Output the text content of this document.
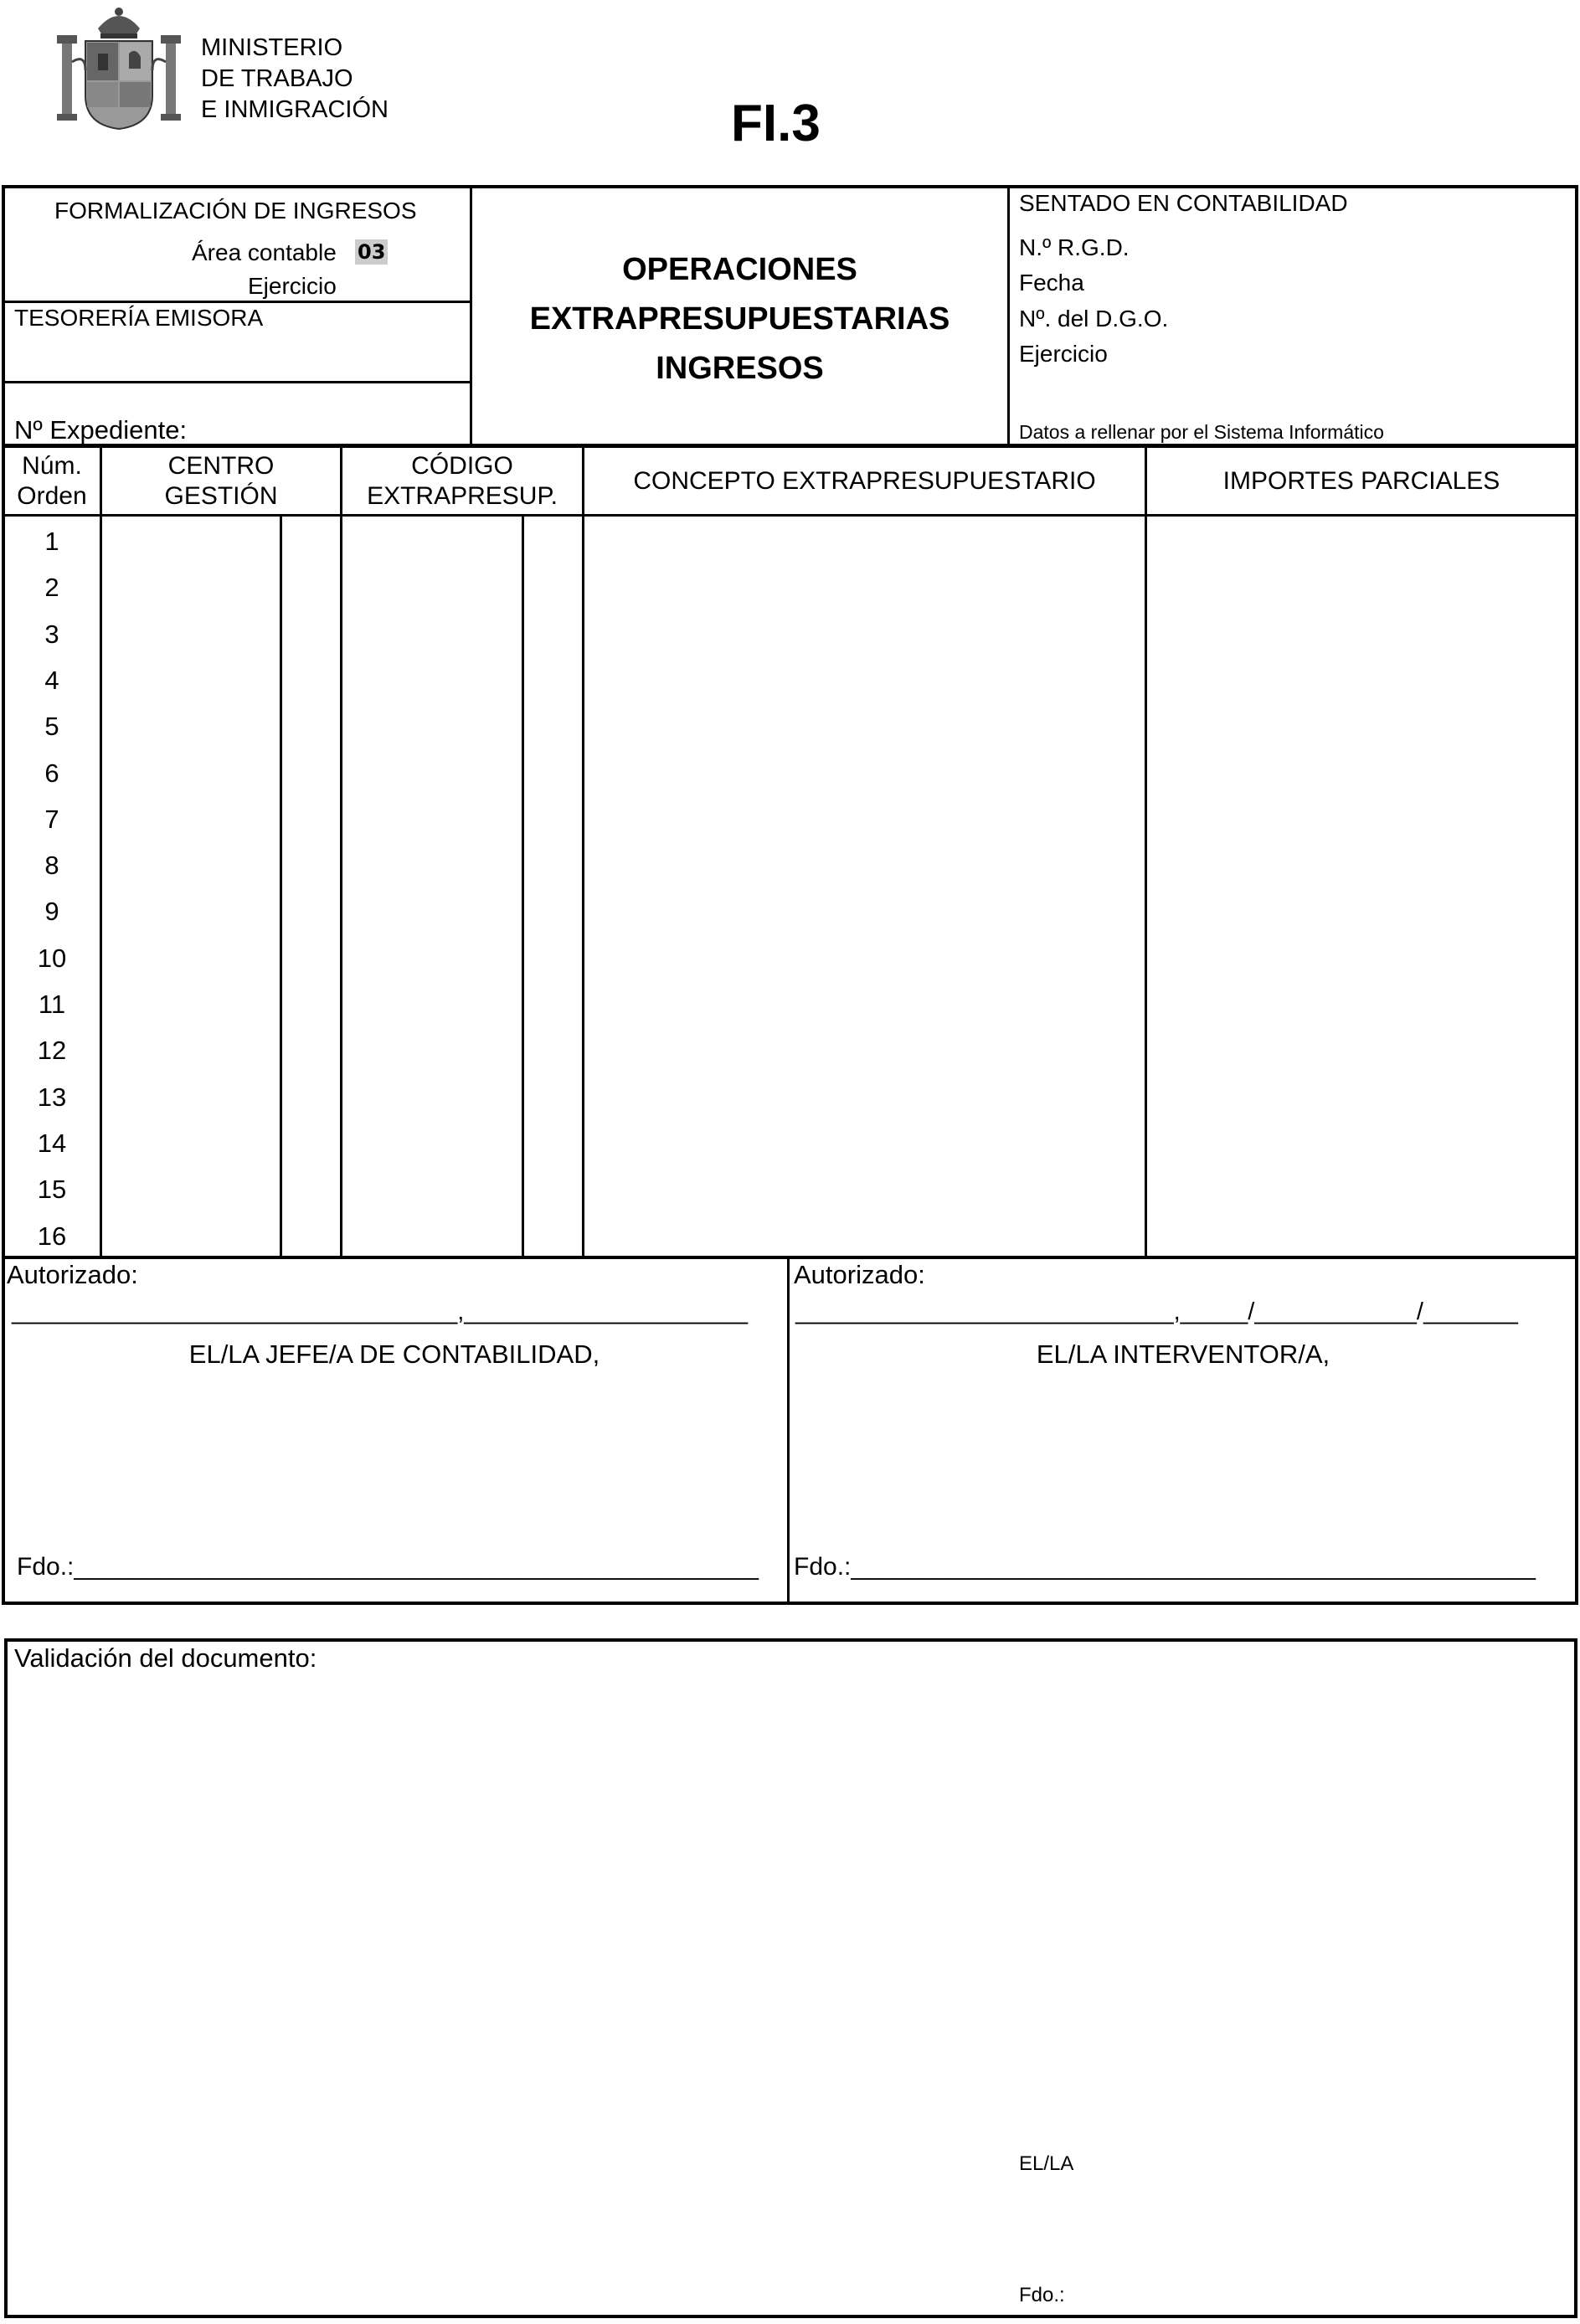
MINISTERIO
DE TRABAJO
E INMIGRACIÓN	FI.3
FORMALIZACIÓN DE INGRESOS
Área contable 03
Ejercicio
TESORERÍA EMISORA
Nº Expediente:
OPERACIONES
EXTRAPRESUPUESTARIAS
INGRESOS
SENTADO EN CONTABILIDAD
N.º R.G.D.
Fecha
Nº. del D.G.O.
Ejercicio
Datos a rellenar por el Sistema Informático
Núm.
Orden
CENTRO
GESTIÓN
CÓDIGO
EXTRAPRESUP.
CONCEPTO EXTRAPRESUPUESTARIO	IMPORTES PARCIALES
1
2
3
4
5
6
7
8
9
10
11
12
13
14
15
16
Autorizado:
_________________________________,_____________________
EL/LA JEFE/A DE CONTABILIDAD,
Fdo.:_________________________________________________
Autorizado:
____________________________,_____/____________/_______
EL/LA INTERVENTOR/A,
Fdo.:_________________________________________________
Validación del documento:
EL/LA
Fdo.:
